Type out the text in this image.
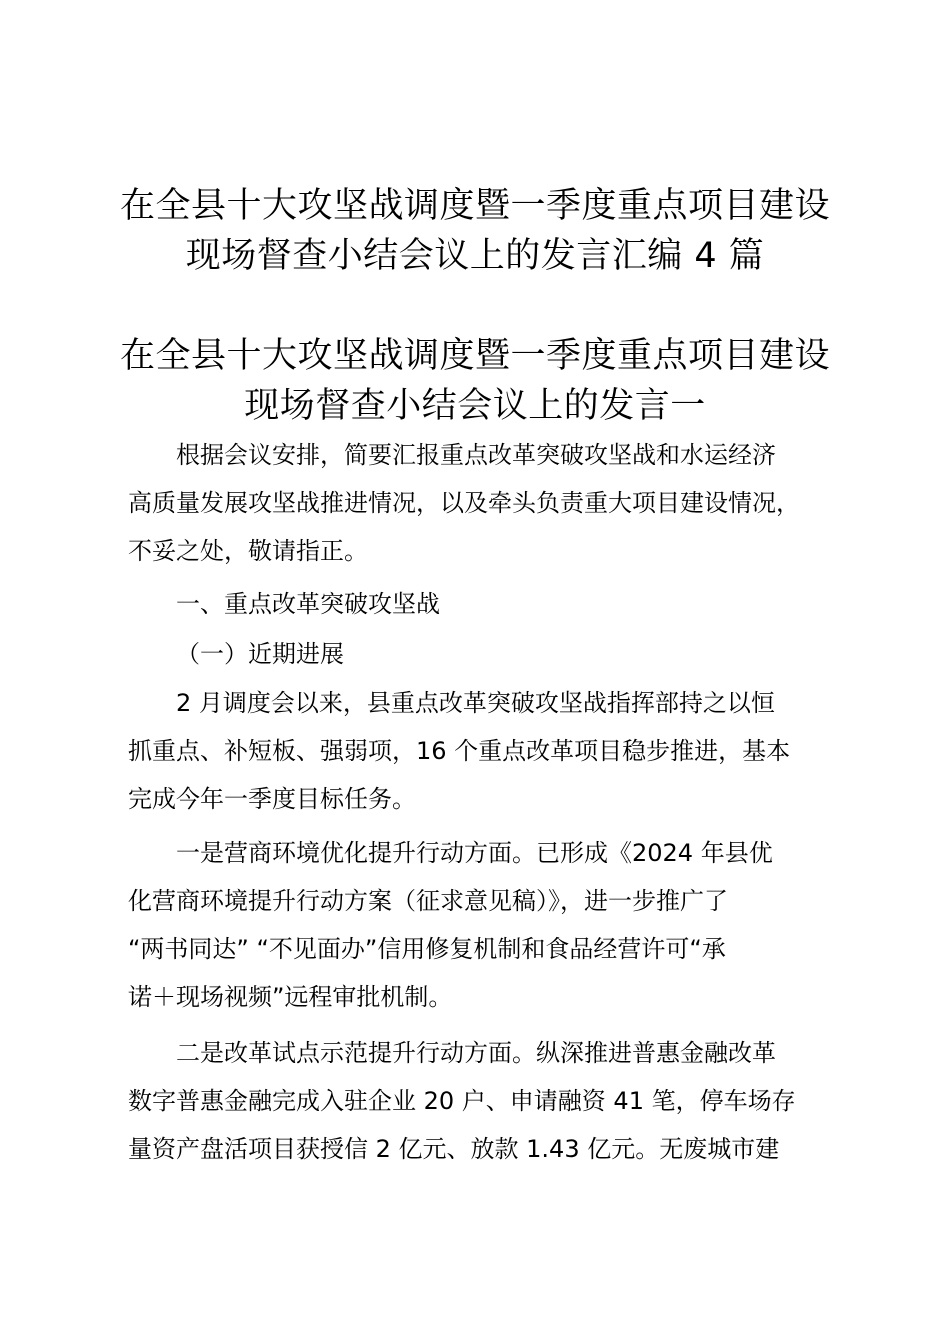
在全县十大攻坚战调度暨一季度重点项目建设
现场督查小结会议上的发言汇编 4 篇
在全县十大攻坚战调度暨一季度重点项目建设
现场督查小结会议上的发言一

根据会议安排，简要汇报重点改革突破攻坚战和水运经济
高质量发展攻坚战推进情况，以及牵头负责重大项目建设情况，
不妥之处，敬请指正。

一、重点改革突破攻坚战

（一）近期进展

2 月调度会以来，县重点改革突破攻坚战指挥部持之以恒
抓重点、补短板、强弱项，16 个重点改革项目稳步推进，基本
完成今年一季度目标任务。

一是营商环境优化提升行动方面。已形成《2024 年县优
化营商环境提升行动方案（征求意见稿）》，进一步推广了
“两书同达” “不见面办”信用修复机制和食品经营许可“承
诺＋现场视频”远程审批机制。

二是改革试点示范提升行动方面。纵深推进普惠金融改革
数字普惠金融完成入驻企业 20 户、申请融资 41 笔，停车场存
量资产盘活项目获授信 2 亿元、放款 1.43 亿元。无废城市建
